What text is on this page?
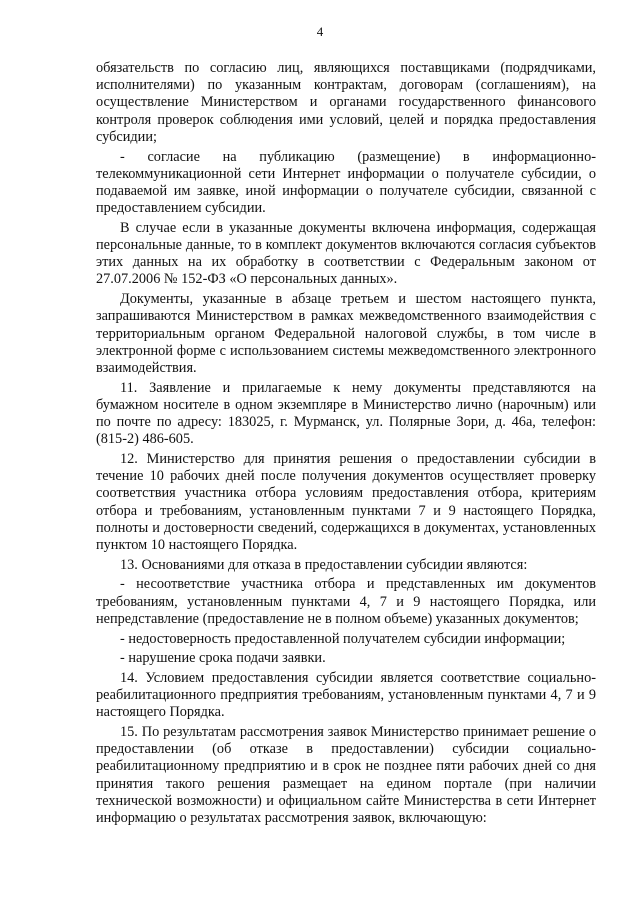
4

обязательств по согласию лиц, являющихся поставщиками (подрядчиками, исполнителями) по указанным контрактам, договорам (соглашениям), на осуществление Министерством и органами государственного финансового контроля проверок соблюдения ими условий, целей и порядка предоставления субсидии;

- согласие на публикацию (размещение) в информационно-телекоммуникационной сети Интернет информации о получателе субсидии, о подаваемой им заявке, иной информации о получателе субсидии, связанной с предоставлением субсидии.

В случае если в указанные документы включена информация, содержащая персональные данные, то в комплект документов включаются согласия субъектов этих данных на их обработку в соответствии с Федеральным законом от 27.07.2006 № 152-ФЗ «О персональных данных».

Документы, указанные в абзаце третьем и шестом настоящего пункта, запрашиваются Министерством в рамках межведомственного взаимодействия с территориальным органом Федеральной налоговой службы, в том числе в электронной форме с использованием системы межведомственного электронного взаимодействия.

11. Заявление и прилагаемые к нему документы представляются на бумажном носителе в одном экземпляре в Министерство лично (нарочным) или по почте по адресу: 183025, г. Мурманск, ул. Полярные Зори, д. 46а, телефон: (815-2) 486-605.

12. Министерство для принятия решения о предоставлении субсидии в течение 10 рабочих дней после получения документов осуществляет проверку соответствия участника отбора условиям предоставления отбора, критериям отбора и требованиям, установленным пунктами 7 и 9 настоящего Порядка, полноты и достоверности сведений, содержащихся в документах, установленных пунктом 10 настоящего Порядка.

13. Основаниями для отказа в предоставлении субсидии являются:

- несоответствие участника отбора и представленных им документов требованиям, установленным пунктами 4, 7 и 9 настоящего Порядка, или непредставление (предоставление не в полном объеме) указанных документов;

- недостоверность предоставленной получателем субсидии информации;

- нарушение срока подачи заявки.

14. Условием предоставления субсидии является соответствие социально-реабилитационного предприятия требованиям, установленным пунктами 4, 7 и 9 настоящего Порядка.

15. По результатам рассмотрения заявок Министерство принимает решение о предоставлении (об отказе в предоставлении) субсидии социально-реабилитационному предприятию и в срок не позднее пяти рабочих дней со дня принятия такого решения размещает на едином портале (при наличии технической возможности) и официальном сайте Министерства в сети Интернет информацию о результатах рассмотрения заявок, включающую:
